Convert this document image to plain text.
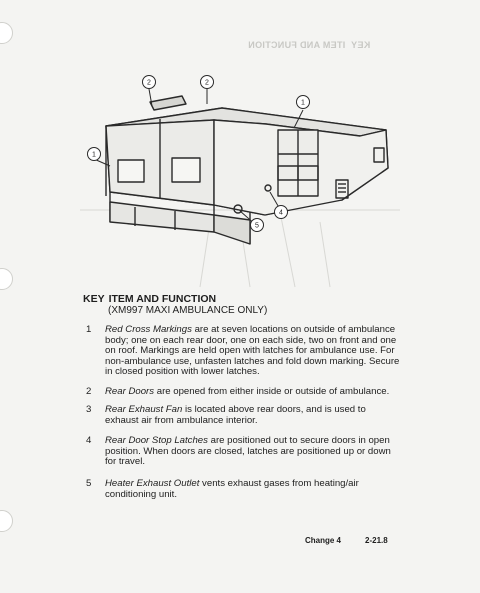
KEY  ITEM AND FUNCTION
2	2
1
1
4
5
KEY ITEM AND FUNCTION
(XM997 MAXI AMBULANCE ONLY)
1 Red Cross Markings are at seven locations on outside of ambulance body; one on each rear door, one on each side, two on front and one on roof. Markings are held open with latches for ambulance use. For non-ambulance use, unfasten latches and fold down marking. Secure in closed position with lower latches.
2 Rear Doors are opened from either inside or outside of ambulance.
3 Rear Exhaust Fan is located above rear doors, and is used to exhaust air from ambulance interior.
4 Rear Door Stop Latches are positioned out to secure doors in open position. When doors are closed, latches are positioned up or down for travel.
5 Heater Exhaust Outlet vents exhaust gases from heating/air conditioning unit.
Change 4	2-21.8
